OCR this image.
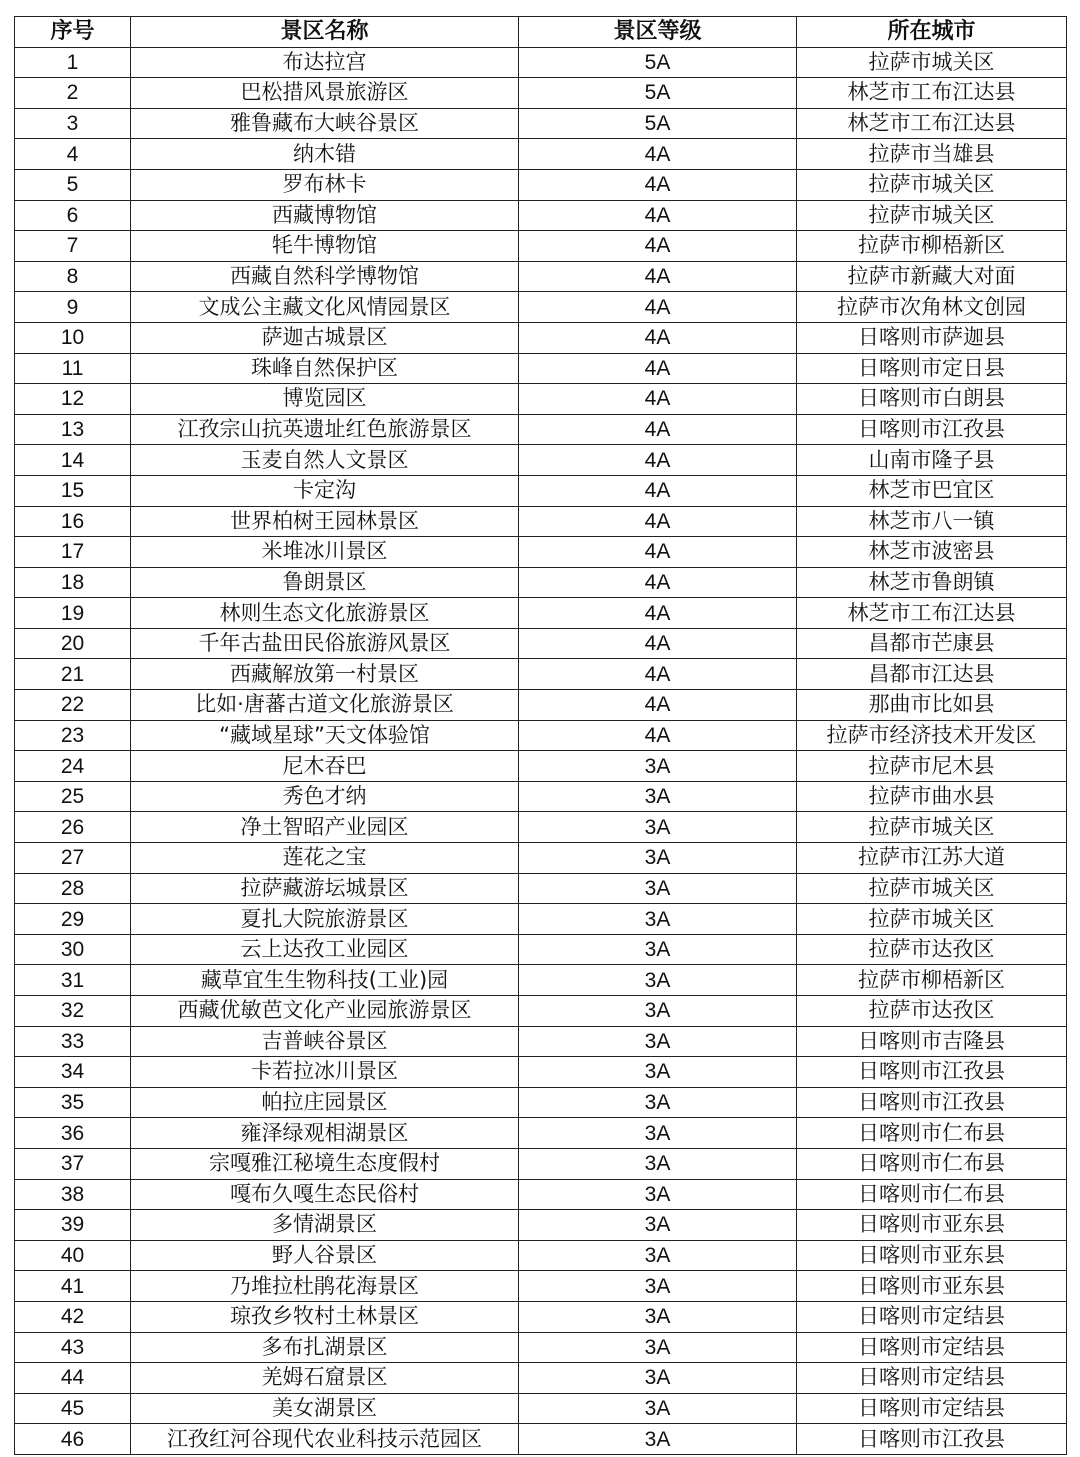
序号	景区名称	景区等级	所在城市
1	布达拉宫	5A	拉萨市城关区
2	巴松措风景旅游区	5A	林芝市工布江达县
3	雅鲁藏布大峡谷景区	5A	林芝市工布江达县
4	纳木错	4A	拉萨市当雄县
5	罗布林卡	4A	拉萨市城关区
6	西藏博物馆	4A	拉萨市城关区
7	牦牛博物馆	4A	拉萨市柳梧新区
8	西藏自然科学博物馆	4A	拉萨市新藏大对面
9	文成公主藏文化风情园景区	4A	拉萨市次角林文创园
10	萨迦古城景区	4A	日喀则市萨迦县
11	珠峰自然保护区	4A	日喀则市定日县
12	博览园区	4A	日喀则市白朗县
13	江孜宗山抗英遗址红色旅游景区	4A	日喀则市江孜县
14	玉麦自然人文景区	4A	山南市隆子县
15	卡定沟	4A	林芝市巴宜区
16	世界柏树王园林景区	4A	林芝市八一镇
17	米堆冰川景区	4A	林芝市波密县
18	鲁朗景区	4A	林芝市鲁朗镇
19	林则生态文化旅游景区	4A	林芝市工布江达县
20	千年古盐田民俗旅游风景区	4A	昌都市芒康县
21	西藏解放第一村景区	4A	昌都市江达县
22	比如·唐蕃古道文化旅游景区	4A	那曲市比如县
23	“藏域星球”天文体验馆	4A	拉萨市经济技术开发区
24	尼木吞巴	3A	拉萨市尼木县
25	秀色才纳	3A	拉萨市曲水县
26	净土智昭产业园区	3A	拉萨市城关区
27	莲花之宝	3A	拉萨市江苏大道
28	拉萨藏游坛城景区	3A	拉萨市城关区
29	夏扎大院旅游景区	3A	拉萨市城关区
30	云上达孜工业园区	3A	拉萨市达孜区
31	藏草宜生生物科技(工业)园	3A	拉萨市柳梧新区
32	西藏优敏芭文化产业园旅游景区	3A	拉萨市达孜区
33	吉普峡谷景区	3A	日喀则市吉隆县
34	卡若拉冰川景区	3A	日喀则市江孜县
35	帕拉庄园景区	3A	日喀则市江孜县
36	雍泽绿观相湖景区	3A	日喀则市仁布县
37	宗嘎雅江秘境生态度假村	3A	日喀则市仁布县
38	嘎布久嘎生态民俗村	3A	日喀则市仁布县
39	多情湖景区	3A	日喀则市亚东县
40	野人谷景区	3A	日喀则市亚东县
41	乃堆拉杜鹃花海景区	3A	日喀则市亚东县
42	琼孜乡牧村土林景区	3A	日喀则市定结县
43	多布扎湖景区	3A	日喀则市定结县
44	羌姆石窟景区	3A	日喀则市定结县
45	美女湖景区	3A	日喀则市定结县
46	江孜红河谷现代农业科技示范园区	3A	日喀则市江孜县
